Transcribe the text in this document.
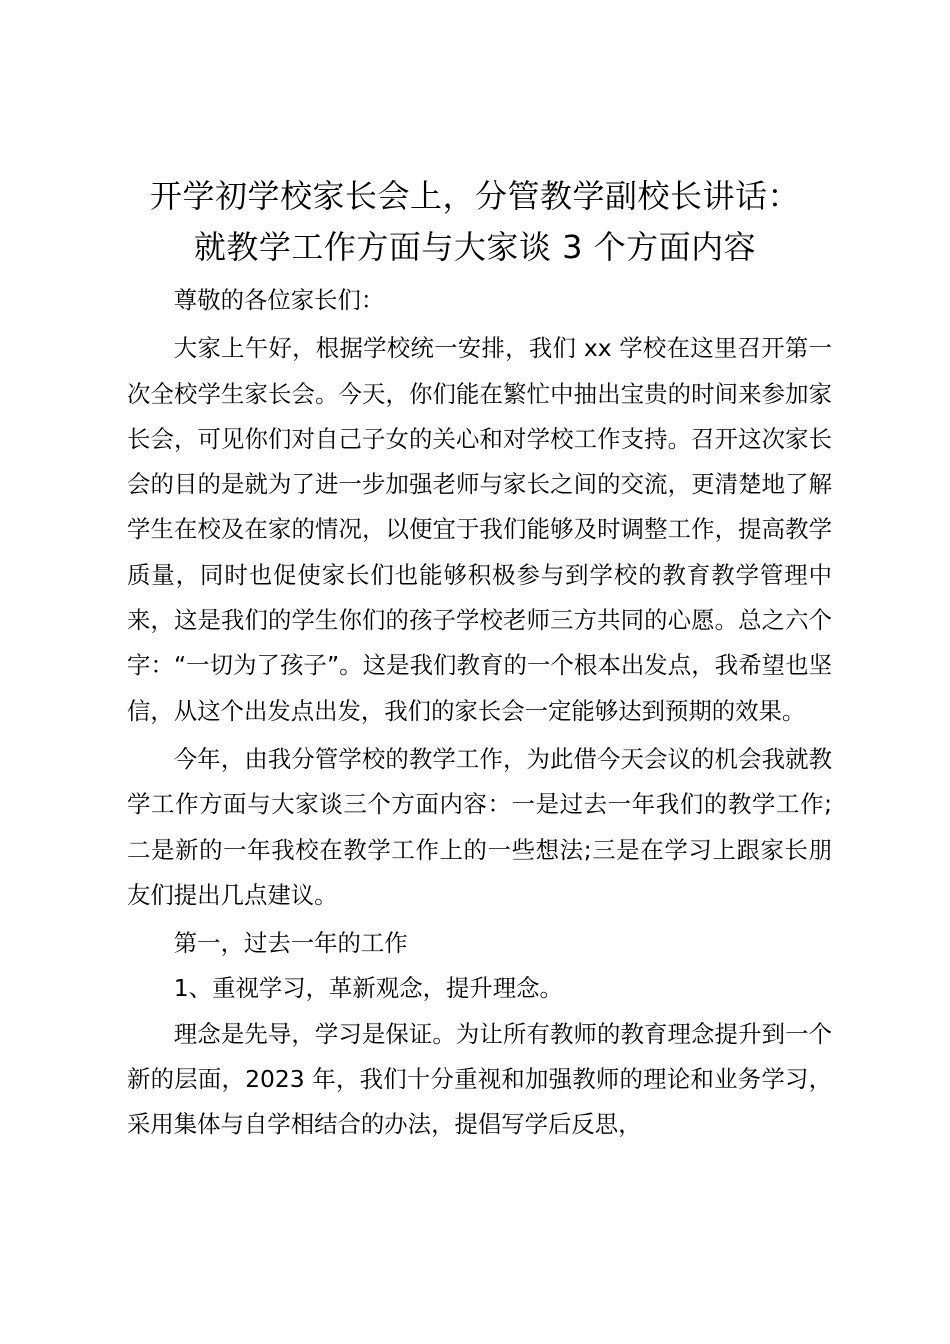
开学初学校家长会上，分管教学副校长讲话：
就教学工作方面与大家谈 3 个方面内容

尊敬的各位家长们：

大家上午好，根据学校统一安排，我们 xx 学校在这里召开第一次全校学生家长会。今天，你们能在繁忙中抽出宝贵的时间来参加家长会，可见你们对自己子女的关心和对学校工作支持。召开这次家长会的目的是就为了进一步加强老师与家长之间的交流，更清楚地了解学生在校及在家的情况，以便宜于我们能够及时调整工作，提高教学质量，同时也促使家长们也能够积极参与到学校的教育教学管理中来，这是我们的学生你们的孩子学校老师三方共同的心愿。总之六个字：“一切为了孩子”。这是我们教育的一个根本出发点，我希望也坚信，从这个出发点出发，我们的家长会一定能够达到预期的效果。

今年，由我分管学校的教学工作，为此借今天会议的机会我就教学工作方面与大家谈三个方面内容：一是过去一年我们的教学工作;二是新的一年我校在教学工作上的一些想法;三是在学习上跟家长朋友们提出几点建议。

第一，过去一年的工作

1、重视学习，革新观念，提升理念。

理念是先导，学习是保证。为让所有教师的教育理念提升到一个新的层面，2023 年，我们十分重视和加强教师的理论和业务学习，采用集体与自学相结合的办法，提倡写学后反思，
